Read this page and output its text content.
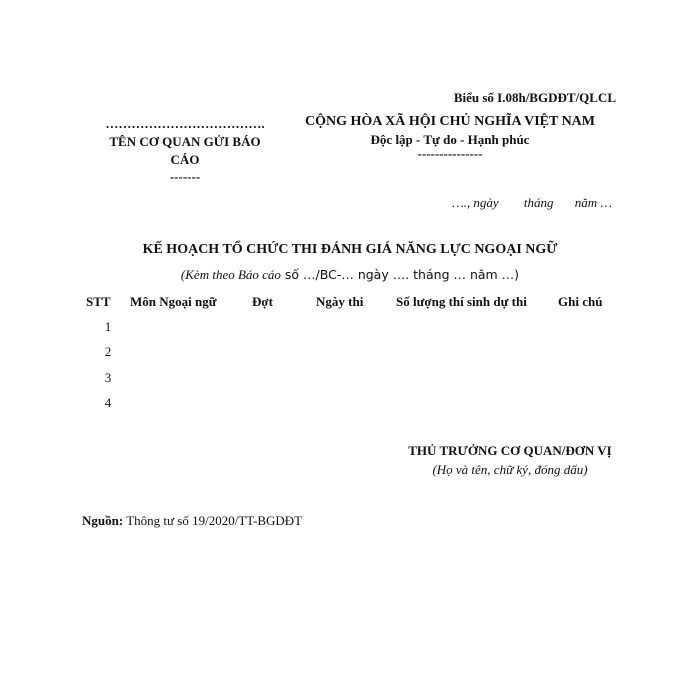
Biểu số I.08h/BGDĐT/QLCL
……………………………….
TÊN CƠ QUAN GỬI BÁO CÁO
-------
CỘNG HÒA XÃ HỘI CHỦ NGHĨA VIỆT NAM
Độc lập - Tự do - Hạnh phúc
---------------
…., ngày tháng năm …
KẾ HOẠCH TỔ CHỨC THI ĐÁNH GIÁ NĂNG LỰC NGOẠI NGỮ
(Kèm theo Báo cáo số …/BC-… ngày …. tháng … năm …)
STT	Môn Ngoại ngữ	Đợt	Ngày thi	Số lượng thí sinh dự thi	Ghi chú
1					
2					
3					
4					
THỦ TRƯỞNG CƠ QUAN/ĐƠN VỊ
(Họ và tên, chữ ký, đóng dấu)
Nguồn: Thông tư số 19/2020/TT-BGDĐT
